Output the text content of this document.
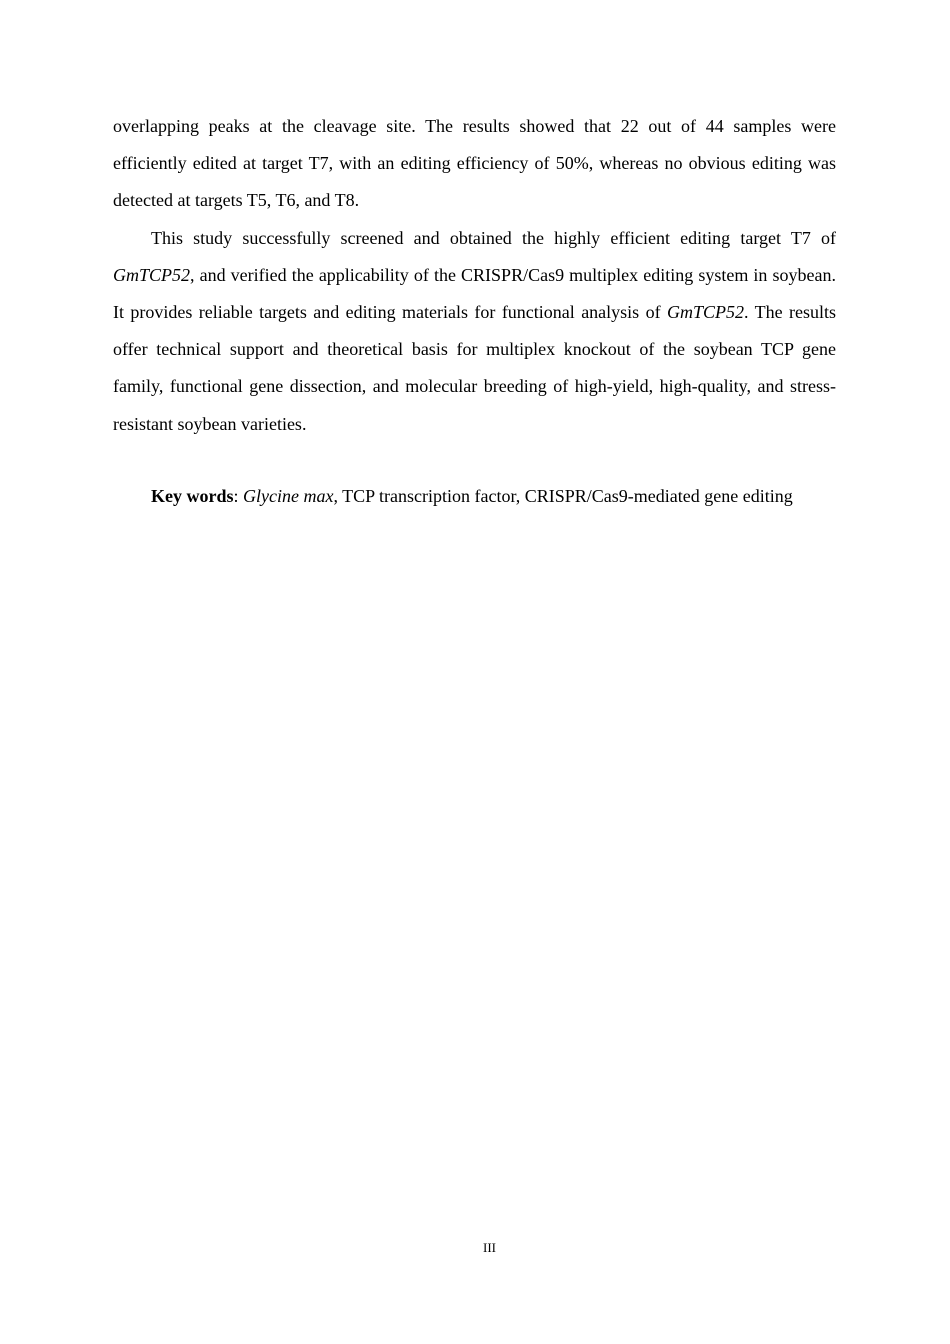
overlapping peaks at the cleavage site. The results showed that 22 out of 44 samples were efficiently edited at target T7, with an editing efficiency of 50%, whereas no obvious editing was detected at targets T5, T6, and T8.

This study successfully screened and obtained the highly efficient editing target T7 of GmTCP52, and verified the applicability of the CRISPR/Cas9 multiplex editing system in soybean. It provides reliable targets and editing materials for functional analysis of GmTCP52. The results offer technical support and theoretical basis for multiplex knockout of the soybean TCP gene family, functional gene dissection, and molecular breeding of high-yield, high-quality, and stress-resistant soybean varieties.

Key words: Glycine max, TCP transcription factor, CRISPR/Cas9-mediated gene editing

III
